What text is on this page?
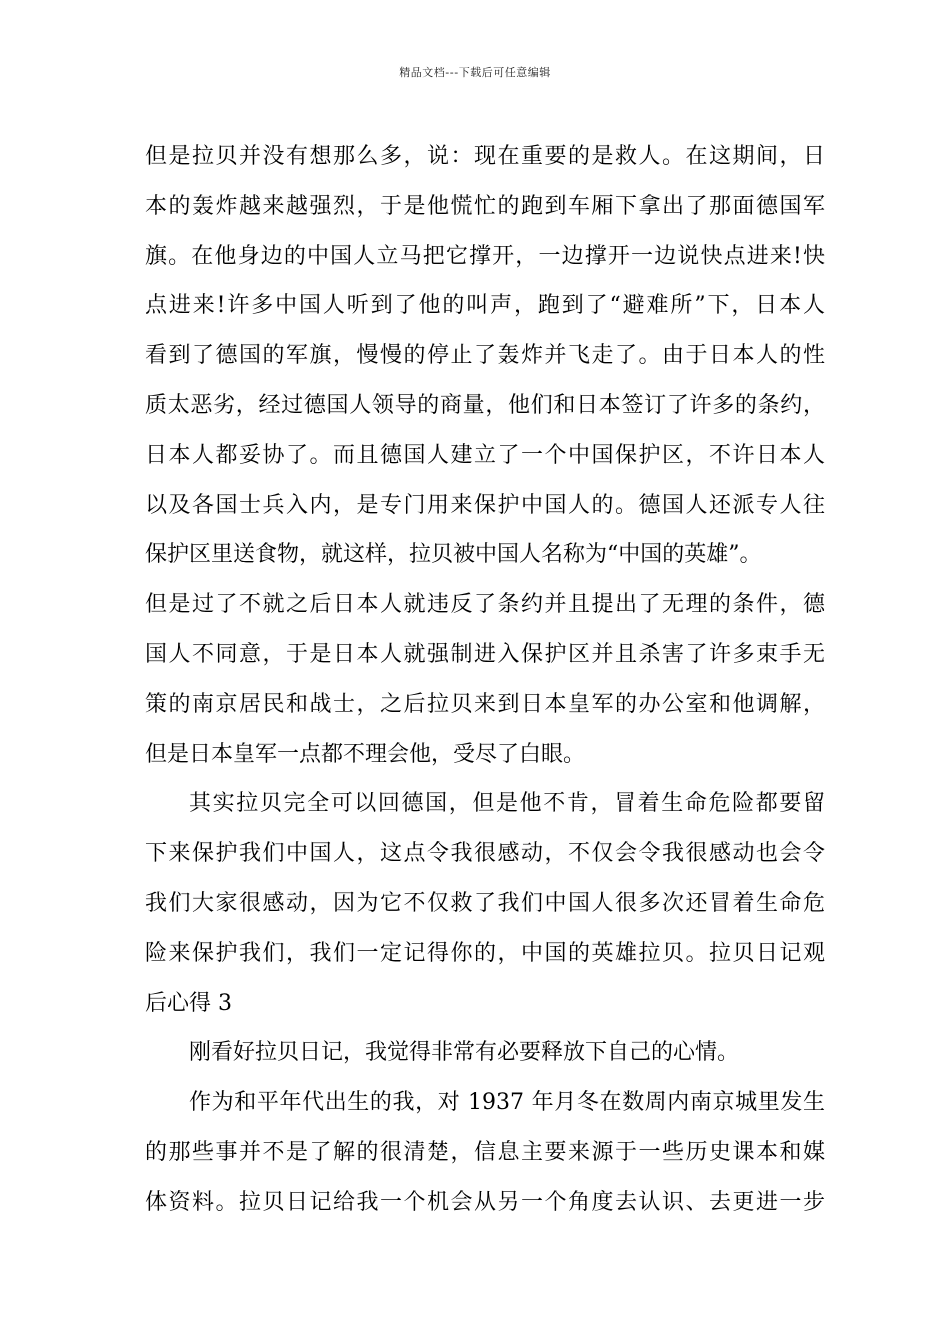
精品文档---下载后可任意编辑
但是拉贝并没有想那么多，说：现在重要的是救人。在这期间，日
本的轰炸越来越强烈，于是他慌忙的跑到车厢下拿出了那面德国军
旗。在他身边的中国人立马把它撑开，一边撑开一边说快点进来!快
点进来!许多中国人听到了他的叫声，跑到了“避难所”下，日本人
看到了德国的军旗，慢慢的停止了轰炸并飞走了。由于日本人的性
质太恶劣，经过德国人领导的商量，他们和日本签订了许多的条约，
日本人都妥协了。而且德国人建立了一个中国保护区，不许日本人
以及各国士兵入内，是专门用来保护中国人的。德国人还派专人往
保护区里送食物，就这样，拉贝被中国人名称为“中国的英雄”。
但是过了不就之后日本人就违反了条约并且提出了无理的条件，德
国人不同意，于是日本人就强制进入保护区并且杀害了许多束手无
策的南京居民和战士，之后拉贝来到日本皇军的办公室和他调解，
但是日本皇军一点都不理会他，受尽了白眼。
其实拉贝完全可以回德国，但是他不肯，冒着生命危险都要留
下来保护我们中国人，这点令我很感动，不仅会令我很感动也会令
我们大家很感动，因为它不仅救了我们中国人很多次还冒着生命危
险来保护我们，我们一定记得你的，中国的英雄拉贝。拉贝日记观
后心得 3
刚看好拉贝日记，我觉得非常有必要释放下自己的心情。
作为和平年代出生的我，对 1937 年月冬在数周内南京城里发生
的那些事并不是了解的很清楚，信息主要来源于一些历史课本和媒
体资料。拉贝日记给我一个机会从另一个角度去认识、去更进一步
